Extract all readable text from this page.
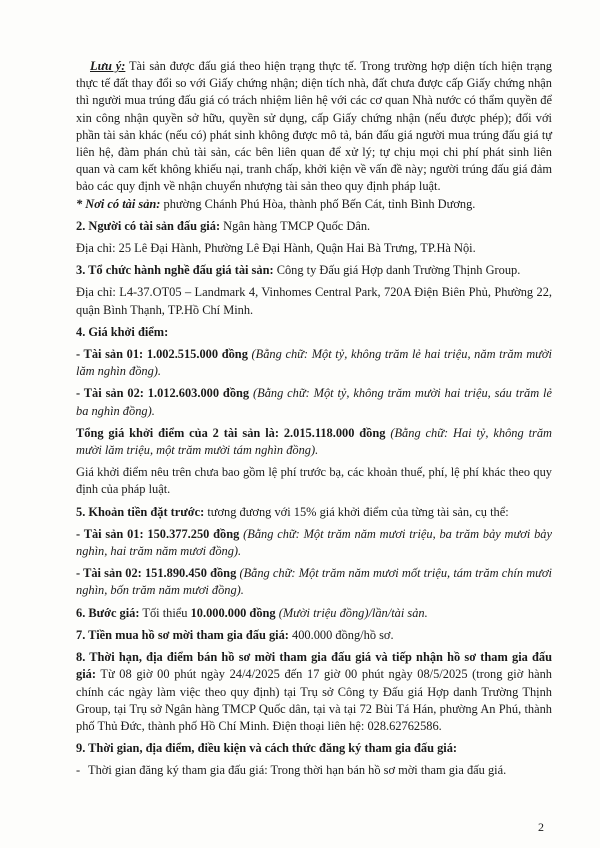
Lưu ý: Tài sản được đấu giá theo hiện trạng thực tế. Trong trường hợp diện tích hiện trạng thực tế đất thay đổi so với Giấy chứng nhận; diện tích nhà, đất chưa được cấp Giấy chứng nhận thì người mua trúng đấu giá có trách nhiệm liên hệ với các cơ quan Nhà nước có thẩm quyền để xin công nhận quyền sở hữu, quyền sử dụng, cấp Giấy chứng nhận (nếu được phép); đối với phần tài sản khác (nếu có) phát sinh không được mô tả, bán đấu giá người mua trúng đấu giá tự liên hệ, đàm phán chủ tài sản, các bên liên quan để xử lý; tự chịu mọi chi phí phát sinh liên quan và cam kết không khiếu nại, tranh chấp, khởi kiện về vấn đề này; người trúng đấu giá đảm bảo các quy định về nhận chuyển nhượng tài sản theo quy định pháp luật.

* Nơi có tài sản: phường Chánh Phú Hòa, thành phố Bến Cát, tỉnh Bình Dương.

2. Người có tài sản đấu giá: Ngân hàng TMCP Quốc Dân.

Địa chỉ: 25 Lê Đại Hành, Phường Lê Đại Hành, Quận Hai Bà Trưng, TP.Hà Nội.

3. Tổ chức hành nghề đấu giá tài sản: Công ty Đấu giá Hợp danh Trường Thịnh Group.

Địa chỉ: L4-37.OT05 – Landmark 4, Vinhomes Central Park, 720A Điện Biên Phủ, Phường 22, quận Bình Thạnh, TP.Hồ Chí Minh.

4. Giá khởi điểm:

- Tài sản 01: 1.002.515.000 đồng (Bằng chữ: Một tỷ, không trăm lẻ hai triệu, năm trăm mười lăm nghìn đồng).

- Tài sản 02: 1.012.603.000 đồng (Bằng chữ: Một tỷ, không trăm mười hai triệu, sáu trăm lẻ ba nghìn đồng).

Tổng giá khởi điểm của 2 tài sản là: 2.015.118.000 đồng (Bằng chữ: Hai tỷ, không trăm mười lăm triệu, một trăm mười tám nghìn đồng).

Giá khởi điểm nêu trên chưa bao gồm lệ phí trước bạ, các khoản thuế, phí, lệ phí khác theo quy định của pháp luật.

5. Khoản tiền đặt trước: tương đương với 15% giá khởi điểm của từng tài sản, cụ thể:

- Tài sản 01: 150.377.250 đồng (Bằng chữ: Một trăm năm mươi triệu, ba trăm bảy mươi bảy nghìn, hai trăm năm mươi đồng).

- Tài sản 02: 151.890.450 đồng (Bằng chữ: Một trăm năm mươi mốt triệu, tám trăm chín mươi nghìn, bốn trăm năm mươi đồng).

6. Bước giá: Tối thiểu 10.000.000 đồng (Mười triệu đồng)/lần/tài sản.

7. Tiền mua hồ sơ mời tham gia đấu giá: 400.000 đồng/hồ sơ.

8. Thời hạn, địa điểm bán hồ sơ mời tham gia đấu giá và tiếp nhận hồ sơ tham gia đấu giá: Từ 08 giờ 00 phút ngày 24/4/2025 đến 17 giờ 00 phút ngày 08/5/2025 (trong giờ hành chính các ngày làm việc theo quy định) tại Trụ sở Công ty Đấu giá Hợp danh Trường Thịnh Group, tại Trụ sở Ngân hàng TMCP Quốc dân, tại và tại 72 Bùi Tá Hán, phường An Phú, thành phố Thủ Đức, thành phố Hồ Chí Minh. Điện thoại liên hệ: 028.62762586.

9. Thời gian, địa điểm, điều kiện và cách thức đăng ký tham gia đấu giá:

- Thời gian đăng ký tham gia đấu giá: Trong thời hạn bán hồ sơ mời tham gia đấu giá.
2
